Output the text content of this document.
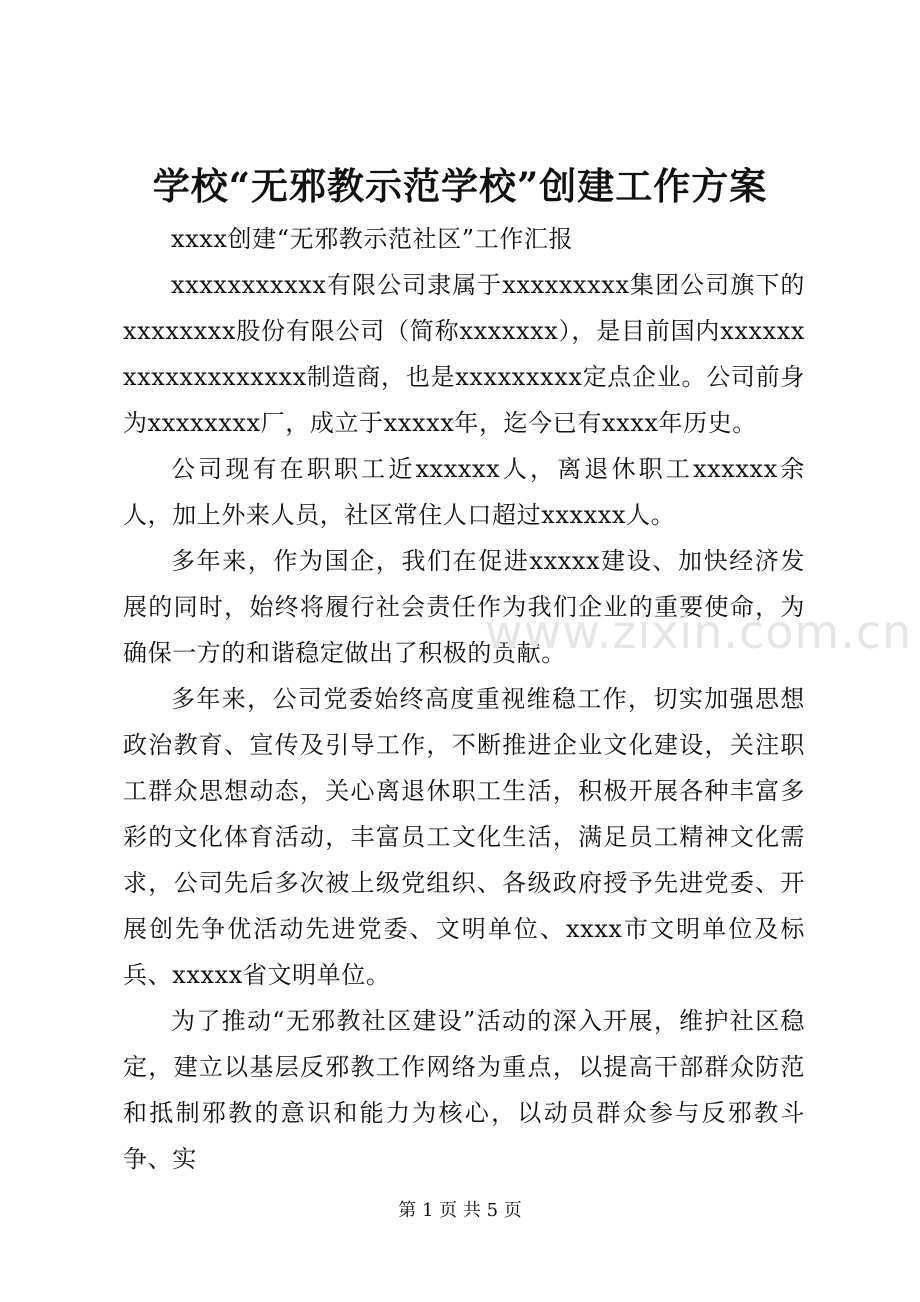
学校“无邪教示范学校”创建工作方案

xxxx创建“无邪教示范社区”工作汇报

xxxxxxxxxxx有限公司隶属于xxxxxxxxx集团公司旗下的xxxxxxxx股份有限公司（简称xxxxxxx），是目前国内xxxxxxxxxxxxxxxxxxx制造商，也是xxxxxxxxx定点企业。公司前身为xxxxxxxx厂，成立于xxxxx年，迄今已有xxxx年历史。

公司现有在职职工近xxxxxx人，离退休职工xxxxxx余人，加上外来人员，社区常住人口超过xxxxxx人。

多年来，作为国企，我们在促进xxxxx建设、加快经济发展的同时，始终将履行社会责任作为我们企业的重要使命，为确保一方的和谐稳定做出了积极的贡献。

多年来，公司党委始终高度重视维稳工作，切实加强思想政治教育、宣传及引导工作，不断推进企业文化建设，关注职工群众思想动态，关心离退休职工生活，积极开展各种丰富多彩的文化体育活动，丰富员工文化生活，满足员工精神文化需求，公司先后多次被上级党组织、各级政府授予先进党委、开展创先争优活动先进党委、文明单位、xxxx市文明单位及标兵、xxxxx省文明单位。

为了推动“无邪教社区建设”活动的深入开展，维护社区稳定，建立以基层反邪教工作网络为重点，以提高干部群众防范和抵制邪教的意识和能力为核心，以动员群众参与反邪教斗争、实

www.zixin.com.cn
第 1 页 共 5 页
